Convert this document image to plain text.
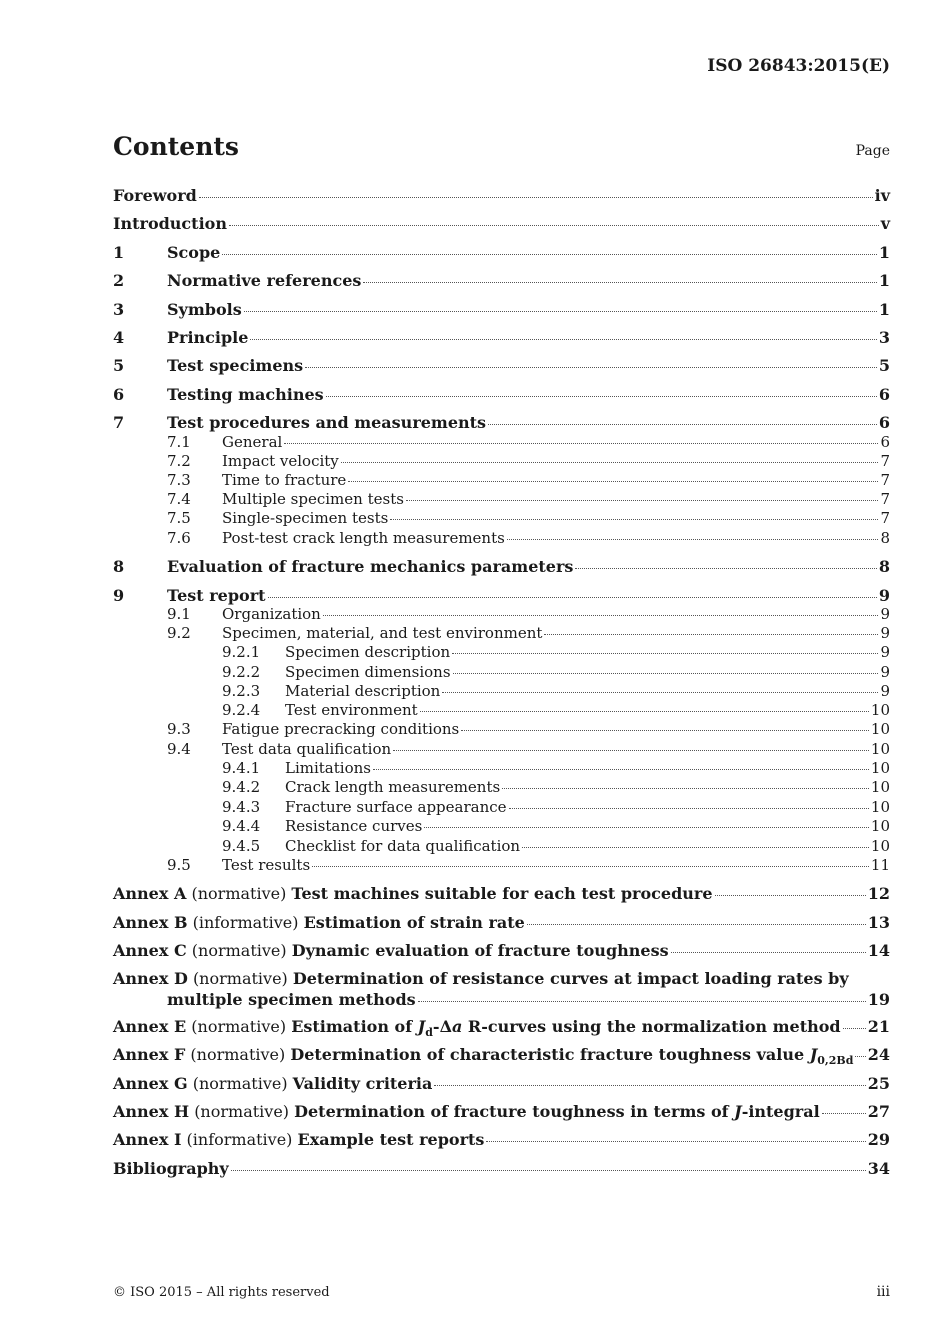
ISO 26843:2015(E)
Contents	Page
Foreword	iv
Introduction	v
1	Scope	1
2	Normative references	1
3	Symbols	1
4	Principle	3
5	Test specimens	5
6	Testing machines	6
7	Test procedures and measurements	6
7.1	General	6
7.2	Impact velocity	7
7.3	Time to fracture	7
7.4	Multiple specimen tests	7
7.5	Single-specimen tests	7
7.6	Post-test crack length measurements	8
8	Evaluation of fracture mechanics parameters	8
9	Test report	9
9.1	Organization	9
9.2	Specimen, material, and test environment	9
9.2.1	Specimen description	9
9.2.2	Specimen dimensions	9
9.2.3	Material description	9
9.2.4	Test environment	10
9.3	Fatigue precracking conditions	10
9.4	Test data qualification	10
9.4.1	Limitations	10
9.4.2	Crack length measurements	10
9.4.3	Fracture surface appearance	10
9.4.4	Resistance curves	10
9.4.5	Checklist for data qualification	10
9.5	Test results	11
Annex A (normative) Test machines suitable for each test procedure	12
Annex B (informative) Estimation of strain rate	13
Annex C (normative) Dynamic evaluation of fracture toughness	14
Annex D (normative) Determination of resistance curves at impact loading rates by
multiple specimen methods	19
Annex E (normative) Estimation of $J_d-\Delta a$ R-curves using the normalization method 21
Annex F (normative) Determination of characteristic fracture toughness value $J_{0,2Bd}$ 24
Annex G (normative) Validity criteria	25
Annex H (normative) Determination of fracture toughness in terms of J-integral	27
Annex I (informative) Example test reports	29
Bibliography	34
© ISO 2015 – All rights reserved	iii
